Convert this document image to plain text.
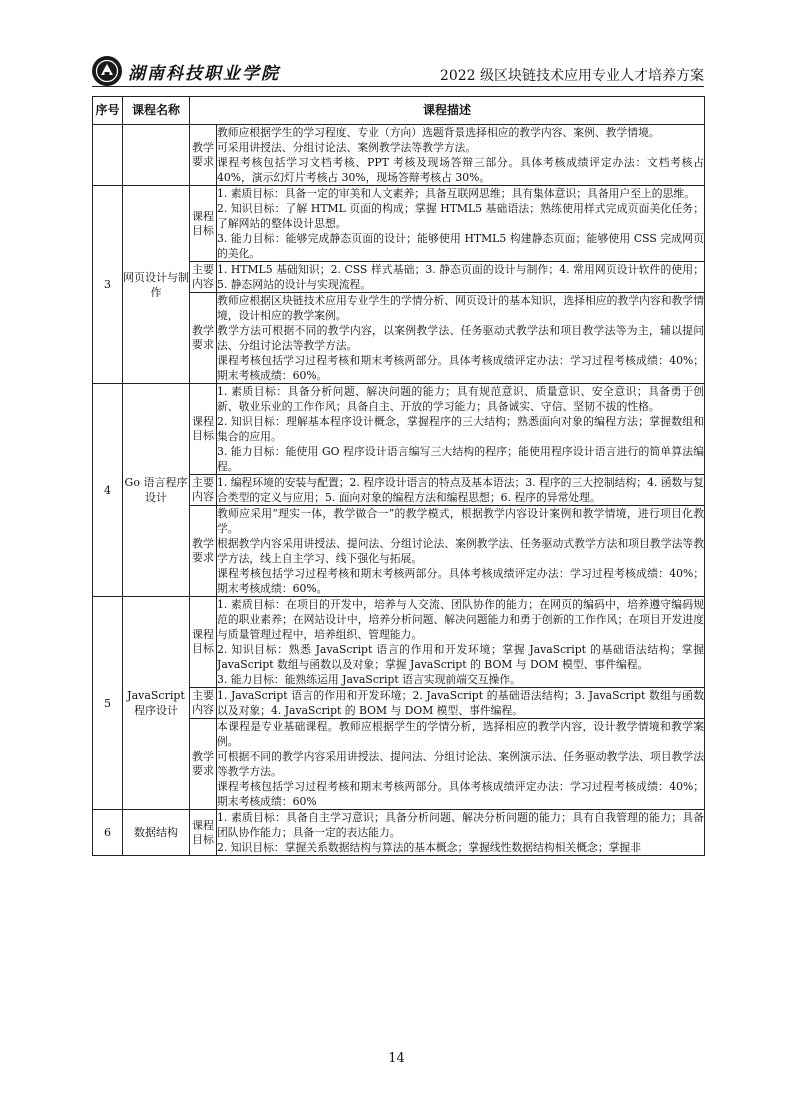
湖南科技职业学院	2022 级区块链技术应用专业人才培养方案
序号	课程名称	课程描述	
		教学要求	教师应根据学生的学习程度、专业（方向）选题背景选择相应的教学内容、案例、教学情境。

可采用讲授法、分组讨论法、案例教学法等教学方法。

课程考核包括学习文档考核、PPT 考核及现场答辩三部分。具体考核成绩评定办法：文档考核占 40%，演示幻灯片考核占 30%，现场答辩考核占 30%。

3	网页设计与制作	课程目标	1. 素质目标：具备一定的审美和人文素养；具备互联网思维；具有集体意识；具备用户至上的思维。

2. 知识目标：了解 HTML 页面的构成；掌握 HTML5 基础语法；熟练使用样式完成页面美化任务；了解网站的整体设计思想。

3. 能力目标：能够完成静态页面的设计；能够使用 HTML5 构建静态页面；能够使用 CSS 完成网页的美化。

		主要内容	1. HTML5 基础知识；2. CSS 样式基础；3. 静态页面的设计与制作；4. 常用网页设计软件的使用；5. 静态网站的设计与实现流程。

		教学要求	教师应根据区块链技术应用专业学生的学情分析、网页设计的基本知识，选择相应的教学内容和教学情境，设计相应的教学案例。

教学方法可根据不同的教学内容，以案例教学法、任务驱动式教学法和项目教学法等为主，辅以提问法、分组讨论法等教学方法。

课程考核包括学习过程考核和期末考核两部分。具体考核成绩评定办法：学习过程考核成绩：40%；期末考核成绩：60%。

4	Go 语言程序设计	课程目标	1. 素质目标：具备分析问题、解决问题的能力；具有规范意识、质量意识、安全意识；具备勇于创新、敬业乐业的工作作风；具备自主、开放的学习能力；具备诚实、守信、坚韧不拔的性格。

2. 知识目标：理解基本程序设计概念，掌握程序的三大结构；熟悉面向对象的编程方法；掌握数组和集合的应用。

3. 能力目标：能使用 GO 程序设计语言编写三大结构的程序；能使用程序设计语言进行的简单算法编程。

		主要内容	1. 编程环境的安装与配置；2. 程序设计语言的特点及基本语法；3. 程序的三大控制结构；4. 函数与复合类型的定义与应用；5. 面向对象的编程方法和编程思想；6. 程序的异常处理。

		教学要求	教师应采用“理实一体，教学做合一”的教学模式，根据教学内容设计案例和教学情境，进行项目化教学。

根据教学内容采用讲授法、提问法、分组讨论法、案例教学法、任务驱动式教学方法和项目教学法等教学方法，线上自主学习、线下强化与拓展。

课程考核包括学习过程考核和期末考核两部分。具体考核成绩评定办法：学习过程考核成绩：40%；期末考核成绩：60%。

5	JavaScript 程序设计	课程目标	1. 素质目标：在项目的开发中，培养与人交流、团队协作的能力；在网页的编码中，培养遵守编码规范的职业素养；在网站设计中，培养分析问题、解决问题能力和勇于创新的工作作风；在项目开发进度与质量管理过程中，培养组织、管理能力。

2. 知识目标：熟悉 JavaScript 语言的作用和开发环境；掌握 JavaScript 的基础语法结构；掌握 JavaScript 数组与函数以及对象；掌握 JavaScript 的 BOM 与 DOM 模型、事件编程。

3. 能力目标：能熟练运用 JavaScript 语言实现前端交互操作。

		主要内容	1. JavaScript 语言的作用和开发环境；2. JavaScript 的基础语法结构；3. JavaScript 数组与函数以及对象；4. JavaScript 的 BOM 与 DOM 模型、事件编程。

		教学要求	本课程是专业基础课程。教师应根据学生的学情分析，选择相应的教学内容，设计教学情境和教学案例。

可根据不同的教学内容采用讲授法、提问法、分组讨论法、案例演示法、任务驱动教学法、项目教学法等教学方法。

课程考核包括学习过程考核和期末考核两部分。具体考核成绩评定办法：学习过程考核成绩：40%；期末考核成绩：60%

6	数据结构	课程目标	1. 素质目标：具备自主学习意识；具备分析问题、解决分析问题的能力；具有自我管理的能力；具备团队协作能力；具备一定的表达能力。

2. 知识目标：掌握关系数据结构与算法的基本概念；掌握线性数据结构相关概念；掌握非

14
